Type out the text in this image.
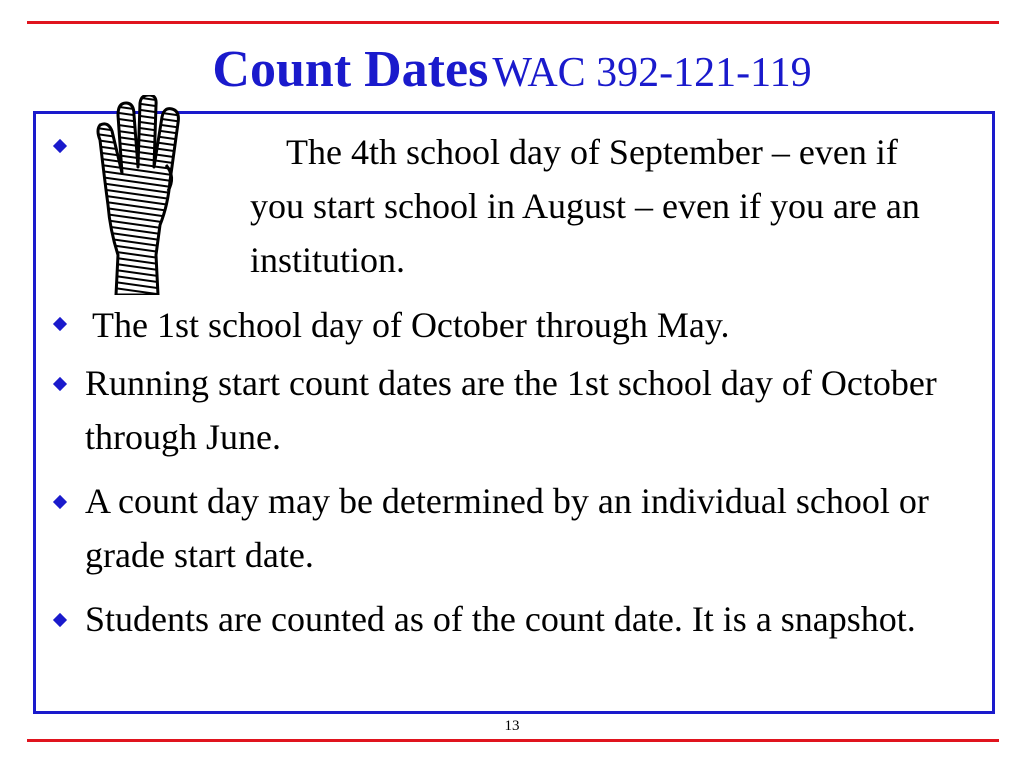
Count Dates WAC 392-121-119
The 4th school day of September – even if you start school in August – even if you are an institution.
The 1st school day of October through May.
Running start count dates are the 1st school day of October through June.
A count day may be determined by an individual school or grade start date.
Students are counted as of the count date. It is a snapshot.
13
